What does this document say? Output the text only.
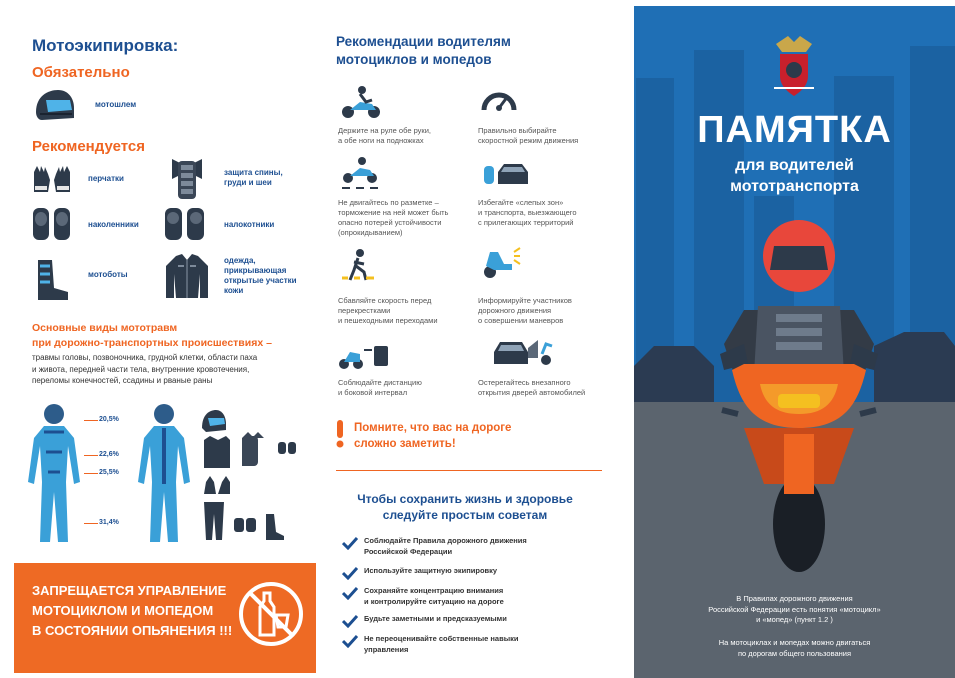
Мотоэкипировка:
Обязательно
мотошлем
Рекомендуется
перчатки
защита спины,
груди и шеи
наколенники	налокотники
мотоботы
одежда,
прикрывающая
открытые участки
кожи
Основные виды мототравм
при дорожно-транспортных происшествиях –
травмы головы, позвоночника, грудной клетки, области паха
и живота, передней части тела, внутренние кровотечения,
переломы конечностей, ссадины и рваные раны
20,5%
22,6%
25,5%
31,4%
ЗАПРЕЩАЕТСЯ УПРАВЛЕНИЕ
МОТОЦИКЛОМ И МОПЕДОМ
В СОСТОЯНИИ ОПЬЯНЕНИЯ !!!
Рекомендации водителям
мотоциклов и мопедов
Держите на руле обе руки,
а обе ноги на подножках
Правильно выбирайте
скоростной режим движения
Не двигайтесь по разметке –
торможение на ней может быть
опасно потерей устойчивости
(опрокидыванием)
Избегайте «слепых зон»
и транспорта, выезжающего
с прилегающих территорий
Сбавляйте скорость перед
перекрестками
и пешеходными переходами
Информируйте участников
дорожного движения
о совершении маневров
Соблюдайте дистанцию
и боковой интервал
Остерегайтесь внезапного
открытия дверей автомобилей
Помните, что вас на дороге
сложно заметить!
Чтобы сохранить жизнь и здоровье
следуйте простым советам
Соблюдайте Правила дорожного движения
Российской Федерации
Используйте защитную экипировку
Сохраняйте концентрацию внимания
и контролируйте ситуацию на дороге
Будьте заметными и предсказуемыми
Не переоценивайте собственные навыки
управления
ПАМЯТКА
для водителей
мототранспорта
В Правилах дорожного движения
Российской Федерации есть понятия «мотоцикл»
и «мопед» (пункт 1.2 )
На мотоциклах и мопедах можно двигаться
по дорогам общего пользования
